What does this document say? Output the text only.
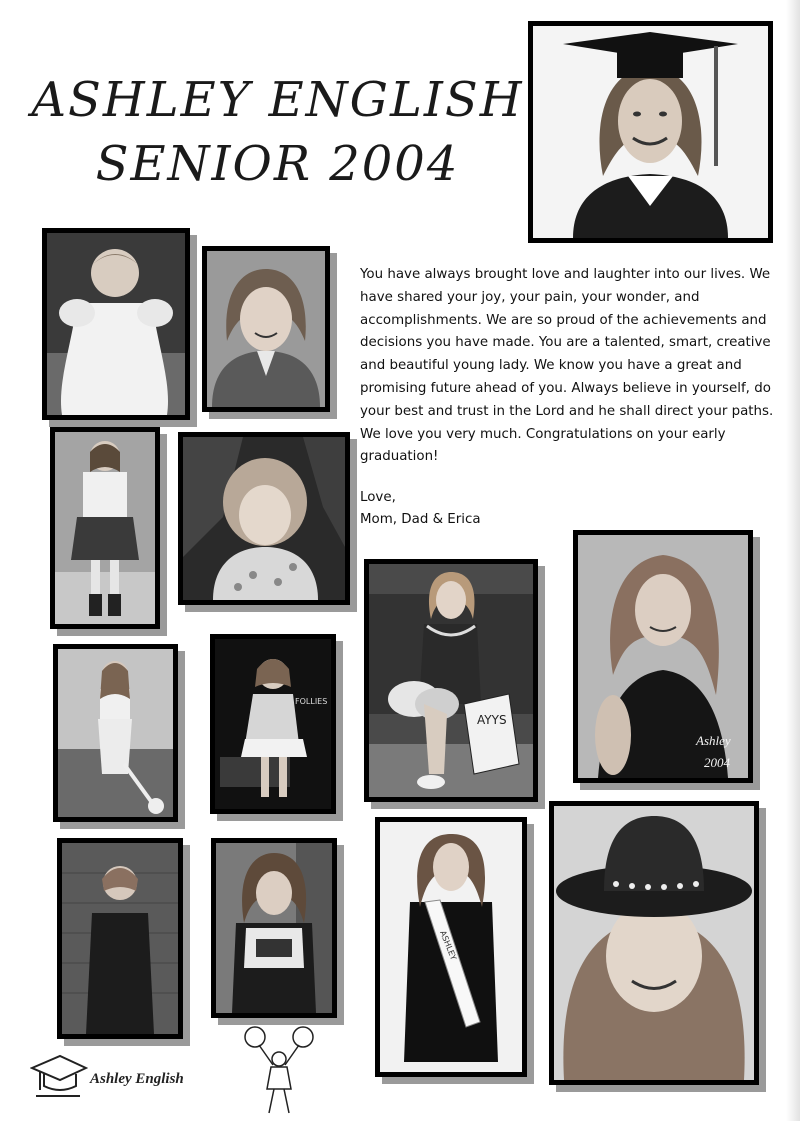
ASHLEY ENGLISH
SENIOR 2004
AYYS
Ashley
2004
FOLLIES
ASHLEY

You have always brought love and laughter into our lives. We have shared your joy, your pain, your wonder, and accomplishments. We are so proud of the achievements and decisions you have made. You are a talented, smart, creative and beautiful young lady. We know you have a great and promising future ahead of you. Always believe in yourself, do your best and trust in the Lord and he shall direct your paths. We love you very much. Congratulations on your early graduation!

Love,
Mom, Dad & Erica
Ashley English
